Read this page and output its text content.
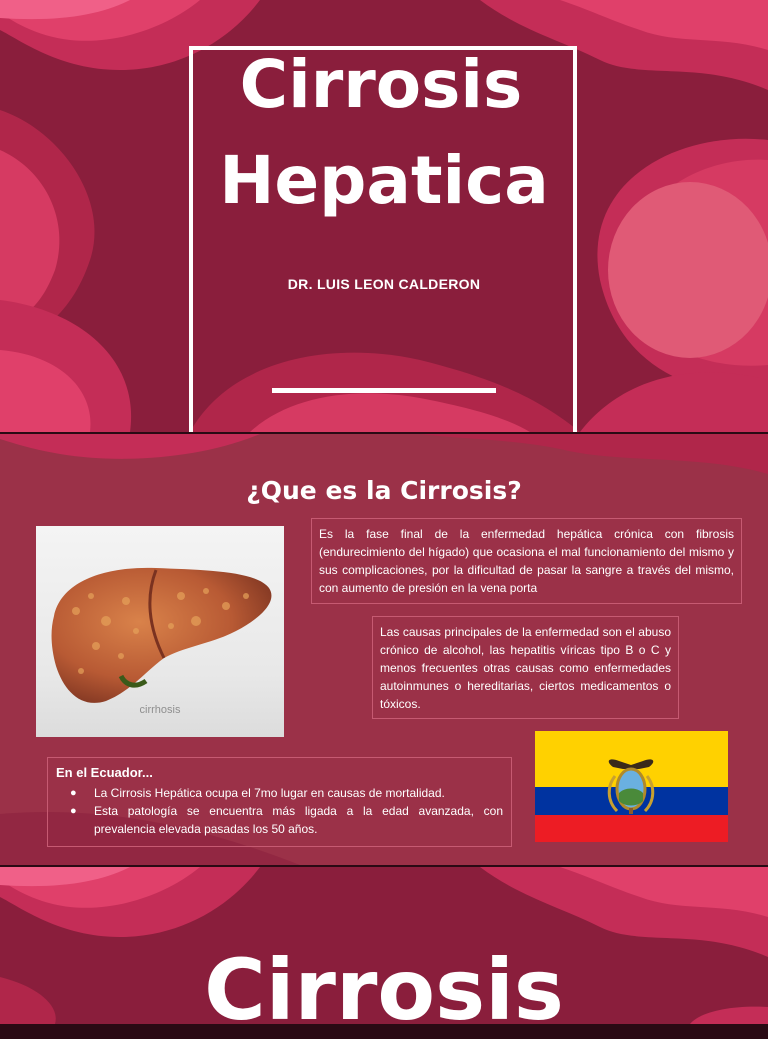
Cirrosis
Hepatica
DR. LUIS LEON CALDERON
¿Que es la Cirrosis?
cirrhosis
Es la fase final de la enfermedad hepática crónica con fibrosis (endurecimiento del hígado) que ocasiona el mal funcionamiento del mismo y sus complicaciones, por la dificultad de pasar la sangre a través del mismo, con aumento de presión en la vena porta
Las causas principales de la enfermedad son el abuso crónico de alcohol, las hepatitis víricas tipo B o C y menos frecuentes otras causas como enfermedades autoinmunes o hereditarias, ciertos medicamentos o tóxicos.
En el Ecuador...
● La Cirrosis Hepática ocupa el 7mo lugar en causas de mortalidad.
● Esta patología se encuentra más ligada a la edad avanzada, con prevalencia elevada pasadas los 50 años.
Cirrosis
